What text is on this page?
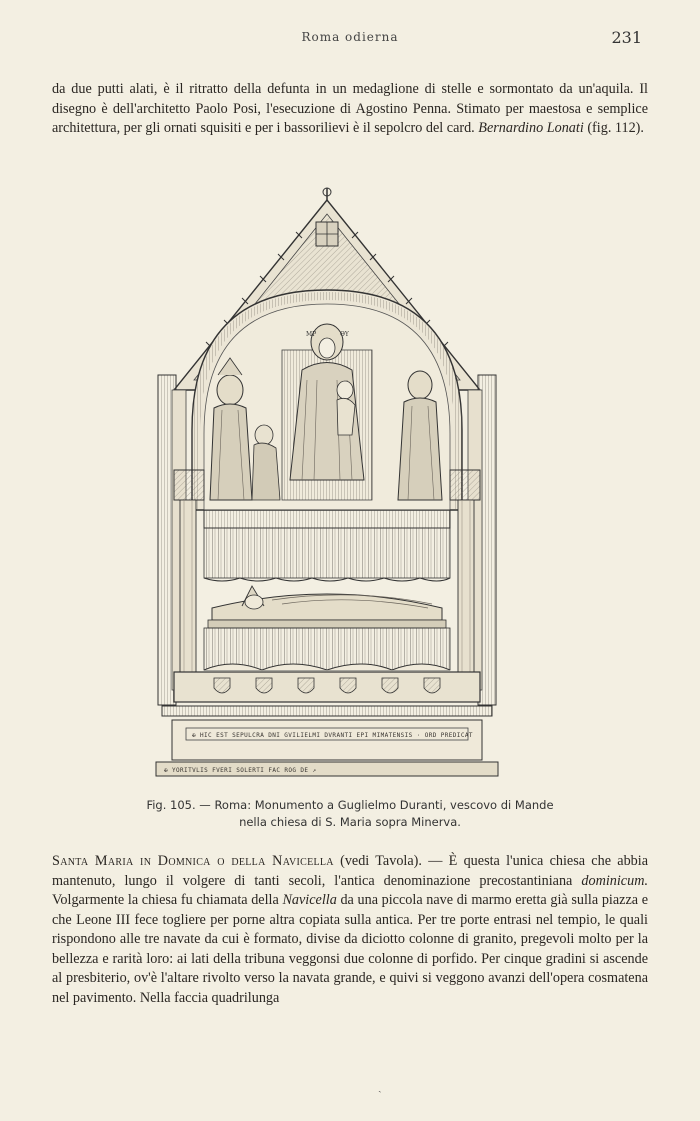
Roma odierna	231
da due putti alati, è il ritratto della defunta in un medaglione di stelle e sormontato da un'aquila. Il disegno è dell'architetto Paolo Posi, l'esecuzione di Agostino Penna. Stimato per maestosa e semplice architettura, per gli ornati squisiti e per i bassorilievi è il sepolcro del card. Bernardino Lonati (fig. 112).
MP	ΘΥ
✠ HIC EST SEPULCRA DNI GVILIELMI DVRANTI EPI MIMATENSIS · ORD PREDICAT
✠ YORITVLIS FVERI SOLERTI FAC ROG DE ↗
Fig. 105. — Roma: Monumento a Guglielmo Duranti, vescovo di Mande
nella chiesa di S. Maria sopra Minerva.
Santa Maria in Domnica o della Navicella (vedi Tavola). — È questa l'unica chiesa che abbia mantenuto, lungo il volgere di tanti secoli, l'antica denominazione precostantiniana dominicum. Volgarmente la chiesa fu chiamata della Navicella da una piccola nave di marmo eretta già sulla piazza e che Leone III fece togliere per porne altra copiata sulla antica. Per tre porte entrasi nel tempio, le quali rispondono alle tre navate da cui è formato, divise da diciotto colonne di granito, pregevoli molto per la bellezza e rarità loro: ai lati della tribuna veggonsi due colonne di porfido. Per cinque gradini si ascende al presbiterio, ov'è l'altare rivolto verso la navata grande, e quivi si veggono avanzi dell'opera cosmatena nel pavimento. Nella faccia quadrilunga
ˏ
